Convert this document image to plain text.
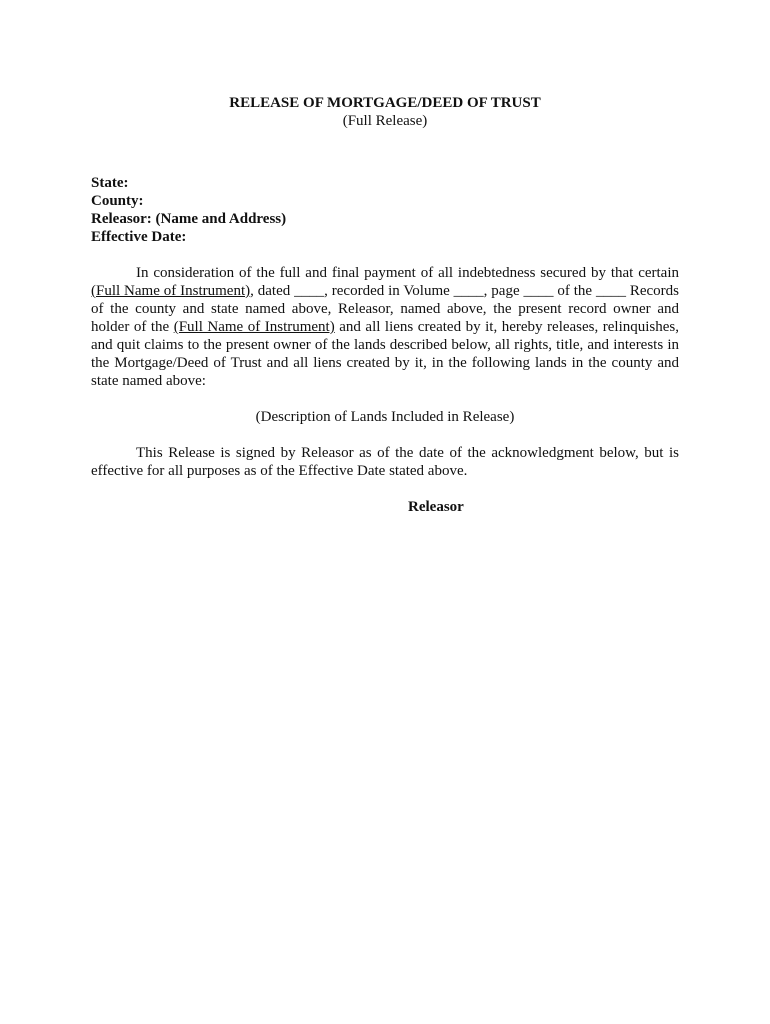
RELEASE OF MORTGAGE/DEED OF TRUST
(Full Release)
State:
County:
Releasor: (Name and Address)
Effective Date:

In consideration of the full and final payment of all indebtedness secured by that certain (Full Name of Instrument), dated ____, recorded in Volume ____, page ____ of the ____ Records of the county and state named above, Releasor, named above, the present record owner and holder of the (Full Name of Instrument) and all liens created by it, hereby releases, relinquishes, and quit claims to the present owner of the lands described below, all rights, title, and interests in the Mortgage/Deed of Trust and all liens created by it, in the following lands in the county and state named above:

(Description of Lands Included in Release)

This Release is signed by Releasor as of the date of the acknowledgment below, but is effective for all purposes as of the Effective Date stated above.

Releasor
